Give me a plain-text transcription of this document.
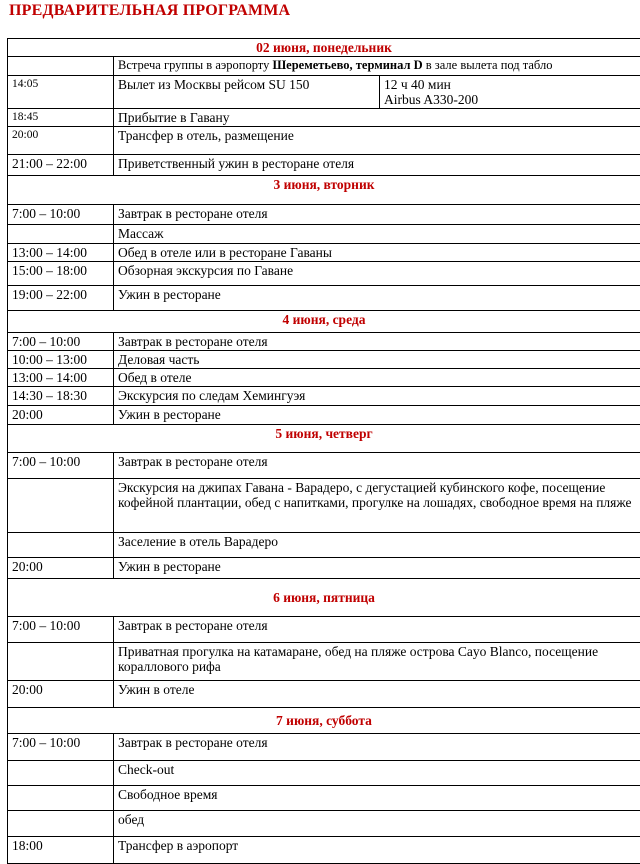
ПРЕДВАРИТЕЛЬНАЯ ПРОГРАММА
02 июня, понедельник		
	Встреча группы в аэропорту Шереметьево, терминал D в зале вылета под табло	
14:05	Вылет из Москвы рейсом SU 150	12 ч 40 мин
Airbus A330-200

18:45	Прибытие в Гавану	
20:00	Трансфер в отель, размещение	
21:00 – 22:00	Приветственный ужин в ресторане отеля	
3 июня, вторник		
7:00 – 10:00	Завтрак в ресторане отеля	
	Массаж	
13:00 – 14:00	Обед в отеле или в ресторане Гаваны	
15:00 – 18:00	Обзорная экскурсия по Гаване	
19:00 – 22:00	Ужин в ресторане	
4 июня, среда		
7:00 – 10:00	Завтрак в ресторане отеля	
10:00 – 13:00	Деловая часть	
13:00 – 14:00	Обед в отеле	
14:30 – 18:30	Экскурсия по следам Хемингуэя	
20:00	Ужин в ресторане	
5 июня, четверг		
7:00 – 10:00	Завтрак в ресторане отеля	
	Экскурсия на джипах Гавана - Варадеро, с дегустацией кубинского кофе, посещение кофейной плантации, обед с напитками, прогулке на лошадях, свободное время на пляже	
	Заселение в отель Варадеро	
20:00	Ужин в ресторане	
6 июня, пятница		
7:00 – 10:00	Завтрак в ресторане отеля	
	Приватная прогулка на катамаране, обед на пляже острова Cayo Blanco, посещение кораллового рифа	
20:00	Ужин в отеле	
7 июня, суббота		
7:00 – 10:00	Завтрак в ресторане отеля	
	Check-out	
	Свободное время	
	обед	
18:00	Трансфер в аэропорт	
